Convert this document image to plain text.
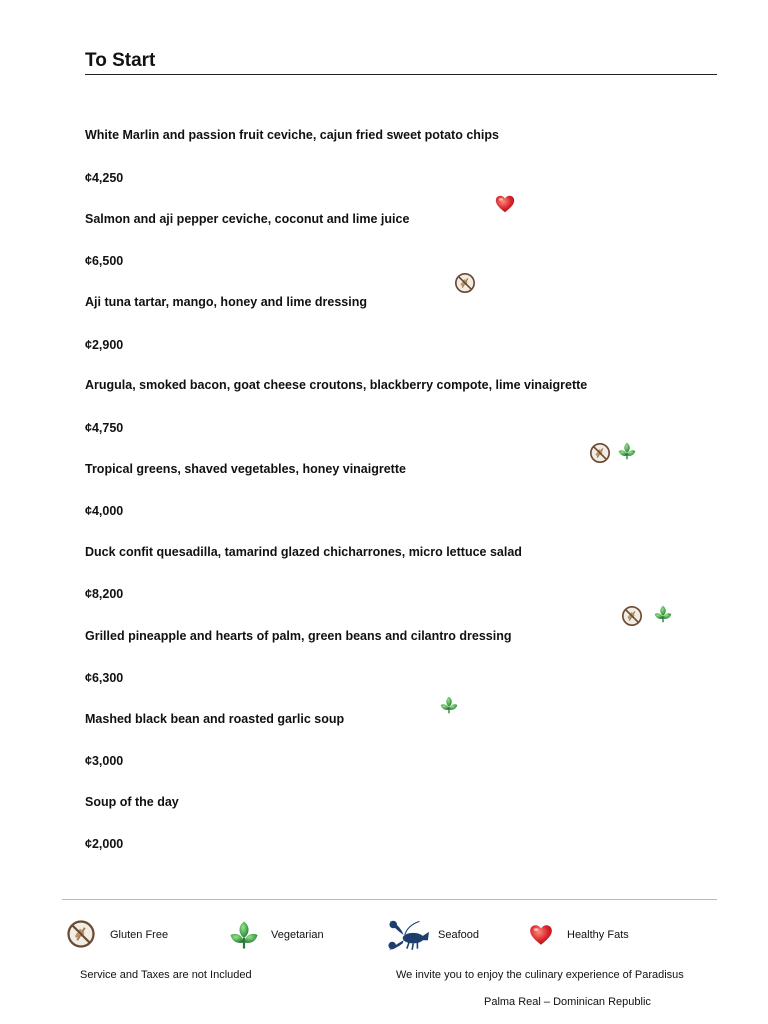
To Start
White Marlin and passion fruit ceviche, cajun fried sweet potato chips
¢4,250
Salmon and aji pepper ceviche, coconut and lime juice
¢6,500
Aji tuna tartar, mango, honey and lime dressing
¢2,900
Arugula, smoked bacon, goat cheese croutons, blackberry compote, lime vinaigrette
¢4,750
Tropical greens, shaved vegetables, honey vinaigrette
¢4,000
Duck confit quesadilla, tamarind glazed chicharrones, micro lettuce salad
¢8,200
Grilled pineapple and hearts of palm, green beans and cilantro dressing
¢6,300
Mashed black bean and roasted garlic soup
¢3,000
Soup of the day
¢2,000
Gluten Free	Vegetarian	Seafood	Healthy Fats
Service and Taxes are not Included	We invite you to enjoy the culinary experience of Paradisus
Palma Real – Dominican Republic
